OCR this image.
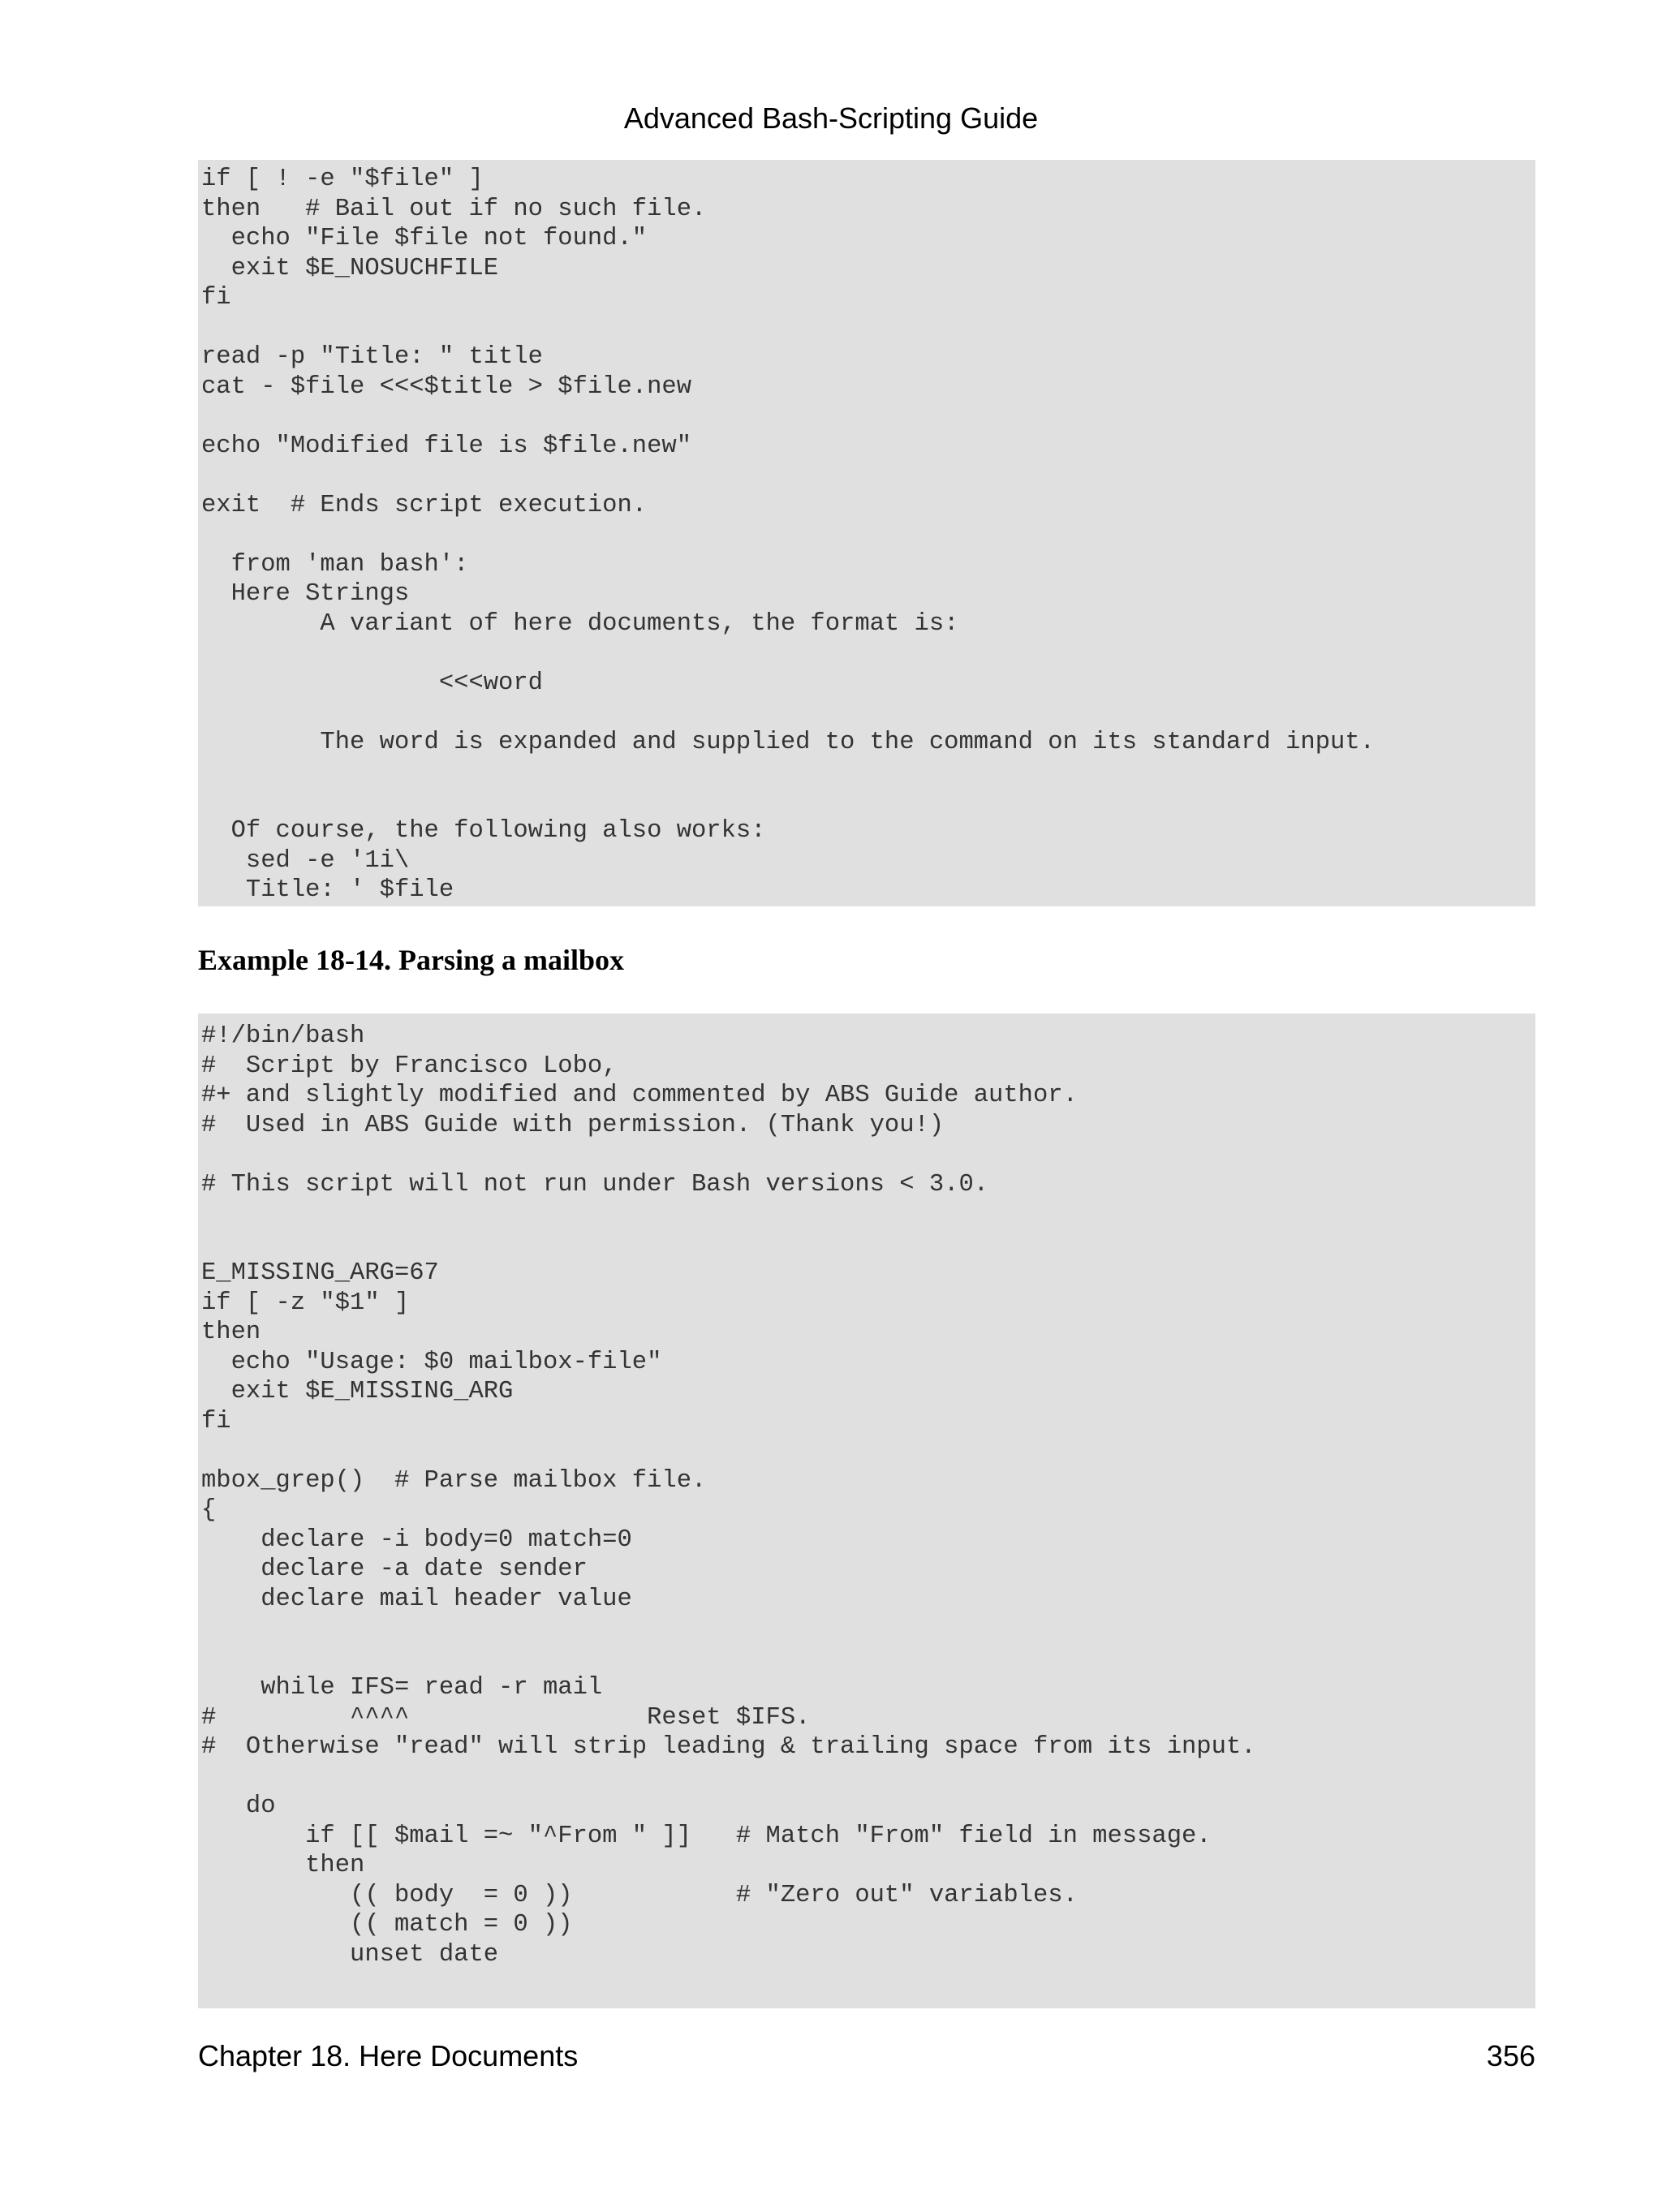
Advanced Bash-Scripting Guide
if [ ! -e "$file" ]
then   # Bail out if no such file.
echo "File $file not found."
exit $E_NOSUCHFILE
fi
read -p "Title: " title
cat - $file <<<$title > $file.new
echo "Modified file is $file.new"
exit  # Ends script execution.
from 'man bash':
Here Strings
A variant of here documents, the format is:
<<<word
The word is expanded and supplied to the command on its standard input.
Of course, the following also works:
sed -e '1i\
Title: ' $file
Example 18-14. Parsing a mailbox
#!/bin/bash
#  Script by Francisco Lobo,
#+ and slightly modified and commented by ABS Guide author.
#  Used in ABS Guide with permission. (Thank you!)
# This script will not run under Bash versions < 3.0.
E_MISSING_ARG=67
if [ -z "$1" ]
then
echo "Usage: $0 mailbox-file"
exit $E_MISSING_ARG
fi
mbox_grep()  # Parse mailbox file.
{
declare -i body=0 match=0
declare -a date sender
declare mail header value
while IFS= read -r mail
#         ^^^^                Reset $IFS.
#  Otherwise "read" will strip leading & trailing space from its input.
do
if [[ $mail =~ "^From " ]]   # Match "From" field in message.
then
(( body  = 0 ))           # "Zero out" variables.
(( match = 0 ))
unset date
Chapter 18. Here Documents	356
